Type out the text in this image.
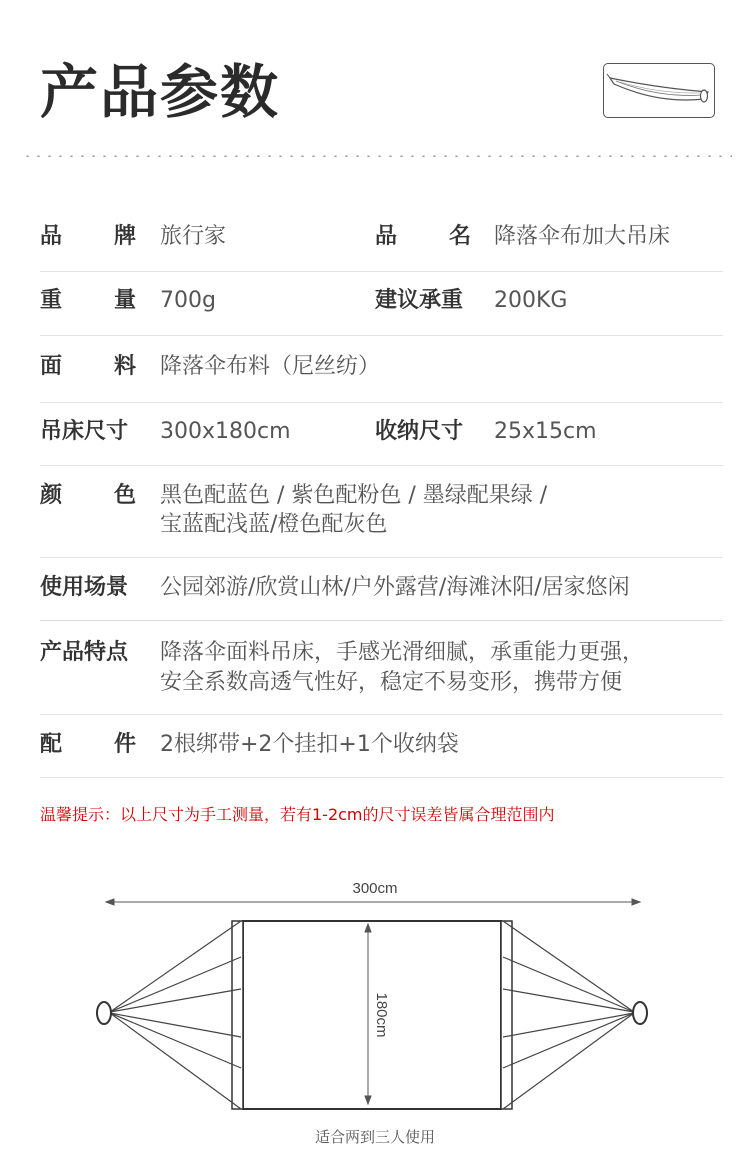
产品参数
品 牌 旅行家	品 名 降落伞布加大吊床
重 量 700g	建议承重 200KG
面 料 降落伞布料（尼丝纺）
吊床尺寸 300x180cm	收纳尺寸 25x15cm
颜 色 黑色配蓝色 / 紫色配粉色 / 墨绿配果绿 /
宝蓝配浅蓝/橙色配灰色
使用场景 公园郊游/欣赏山林/户外露营/海滩沐阳/居家悠闲
产品特点 降落伞面料吊床，手感光滑细腻，承重能力更强，
安全系数高透气性好，稳定不易变形，携带方便
配 件 2根绑带+2个挂扣+1个收纳袋
温馨提示：以上尺寸为手工测量，若有1-2cm的尺寸误差皆属合理范围内
300cm
180cm
适合两到三人使用
